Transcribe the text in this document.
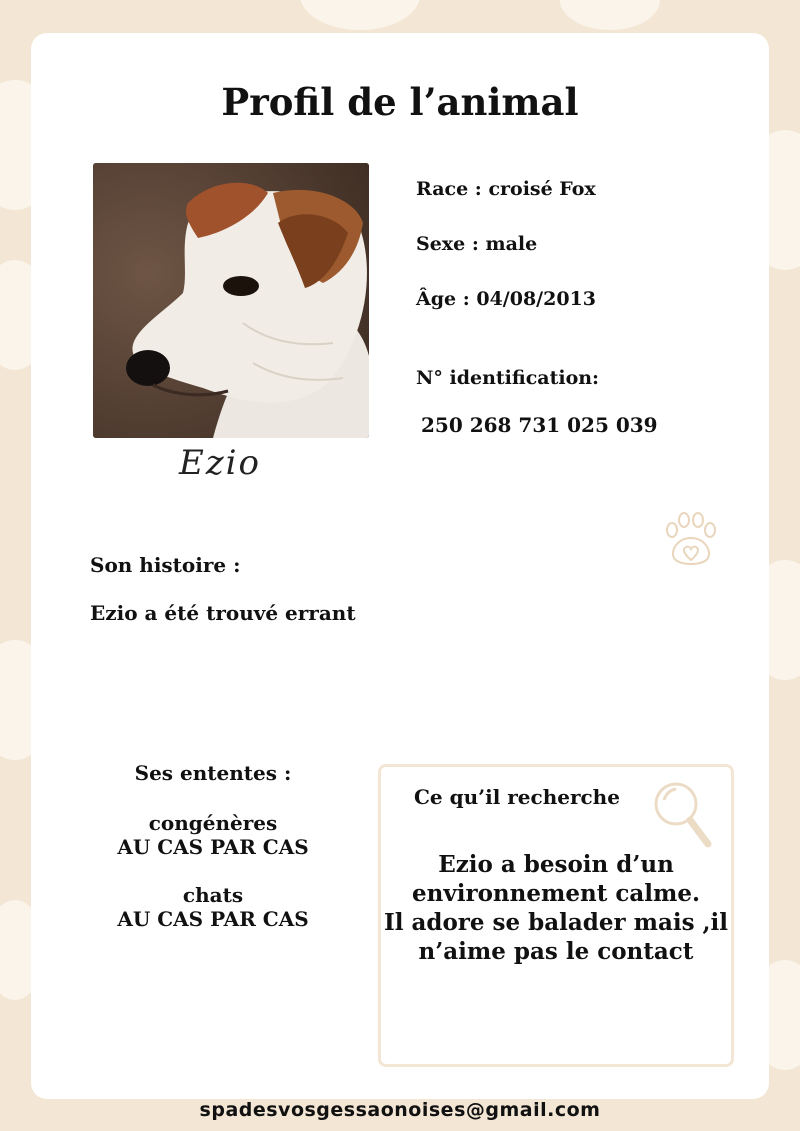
Profil de l’animal
Ezio
Race : croisé Fox
Sexe : male
Âge : 04/08/2013
N° identification:
250 268 731 025 039
Son histoire :
Ezio a été trouvé errant
Ses ententes :
congénères
AU CAS PAR CAS
chats
AU CAS PAR CAS
Ce qu’il recherche
Ezio a besoin d’un
environnement calme.
Il adore se balader mais ,il
n’aime pas le contact
spadesvosgessaonoises@gmail.com
